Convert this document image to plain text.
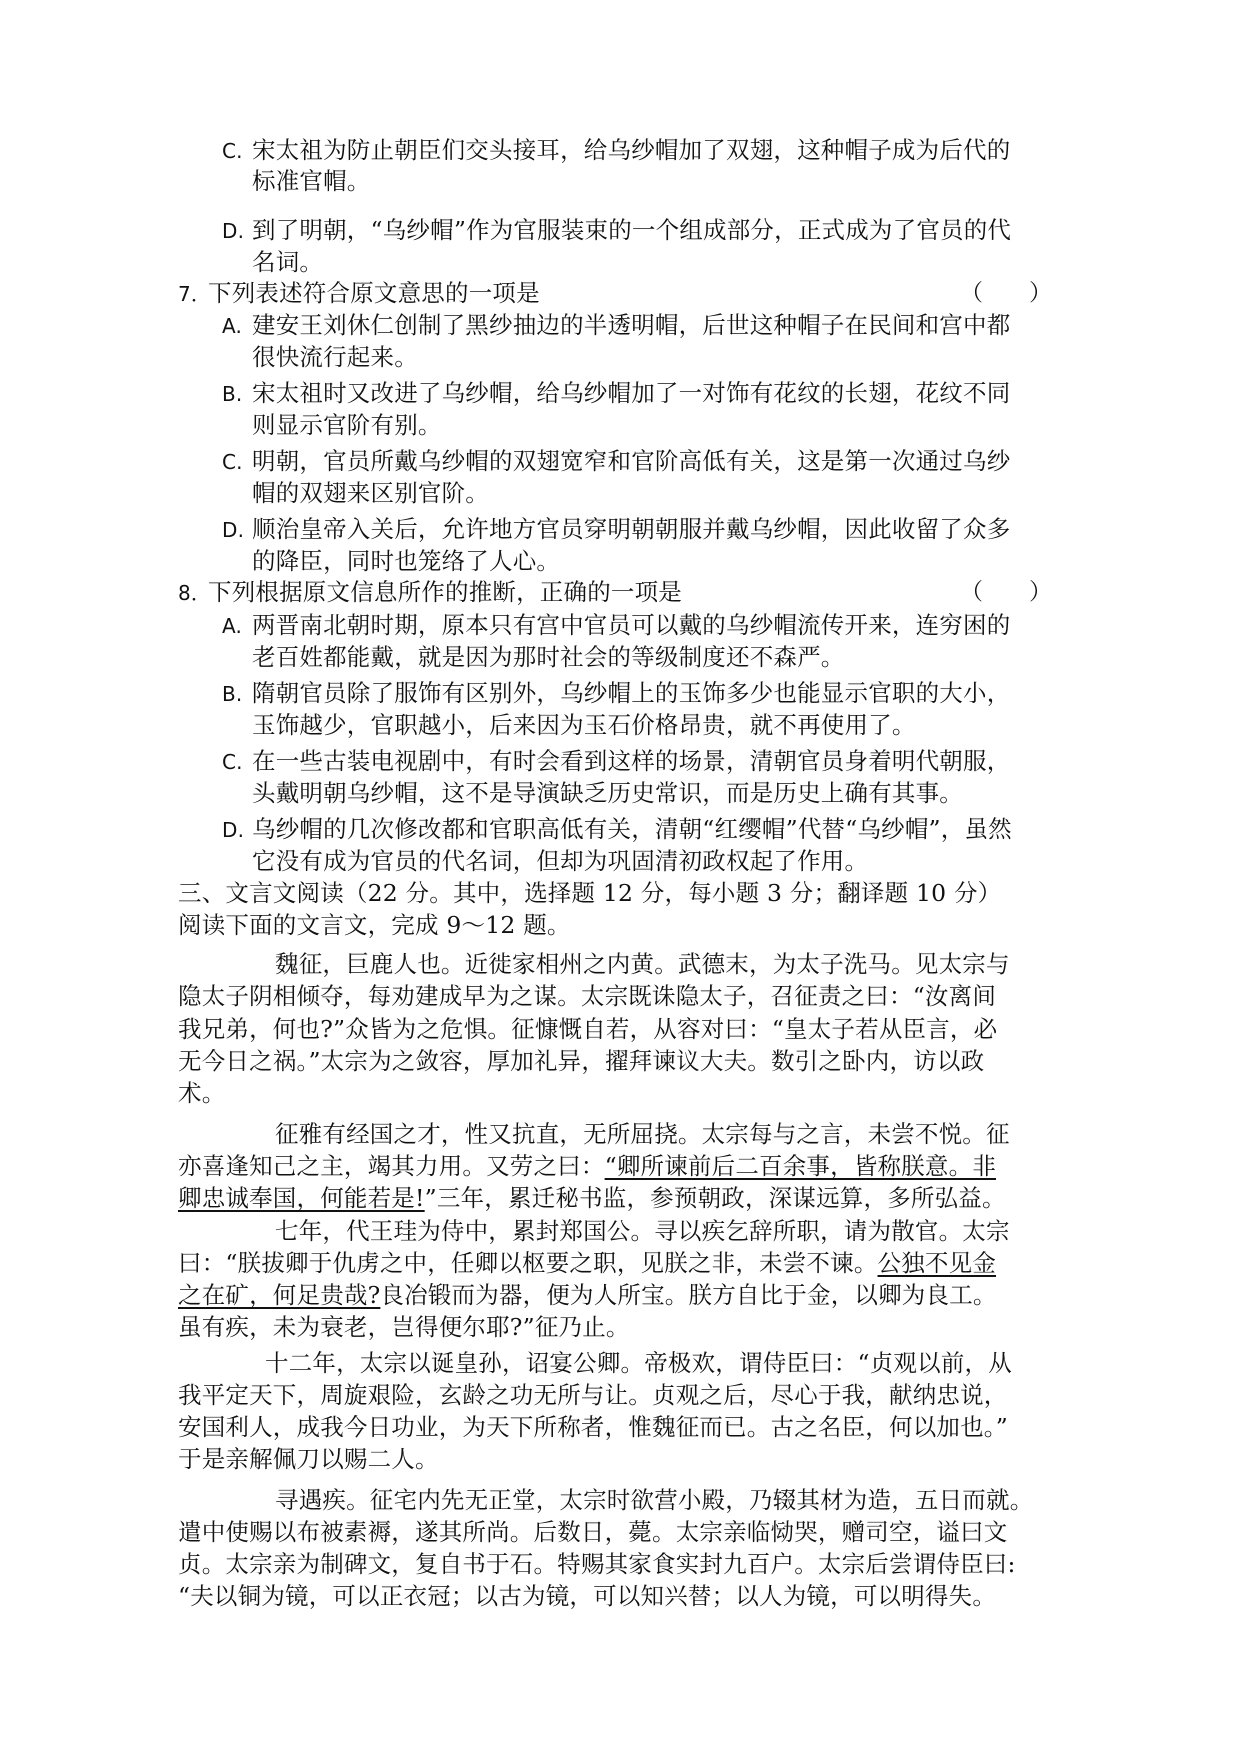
C. 宋太祖为防止朝臣们交头接耳，给乌纱帽加了双翅，这种帽子成为后代的
标准官帽。
D. 到了明朝，“乌纱帽”作为官服装束的一个组成部分，正式成为了官员的代
名词。
7．下列表述符合原文意思的一项是	（　　）
A. 建安王刘休仁创制了黑纱抽边的半透明帽，后世这种帽子在民间和宫中都
很快流行起来。
B. 宋太祖时又改进了乌纱帽，给乌纱帽加了一对饰有花纹的长翅，花纹不同
则显示官阶有别。
C. 明朝，官员所戴乌纱帽的双翅宽窄和官阶高低有关，这是第一次通过乌纱
帽的双翅来区别官阶。
D. 顺治皇帝入关后，允许地方官员穿明朝朝服并戴乌纱帽，因此收留了众多
的降臣，同时也笼络了人心。
8．下列根据原文信息所作的推断，正确的一项是	（　　）
A. 两晋南北朝时期，原本只有宫中官员可以戴的乌纱帽流传开来，连穷困的
老百姓都能戴，就是因为那时社会的等级制度还不森严。
B. 隋朝官员除了服饰有区别外，乌纱帽上的玉饰多少也能显示官职的大小，
玉饰越少，官职越小，后来因为玉石价格昂贵，就不再使用了。
C. 在一些古装电视剧中，有时会看到这样的场景，清朝官员身着明代朝服，
头戴明朝乌纱帽，这不是导演缺乏历史常识，而是历史上确有其事。
D. 乌纱帽的几次修改都和官职高低有关，清朝“红缨帽”代替“乌纱帽”，虽然
它没有成为官员的代名词，但却为巩固清初政权起了作用。
三、文言文阅读（22 分。其中，选择题 12 分，每小题 3 分；翻译题 10 分）
阅读下面的文言文，完成 9～12 题。
魏征，巨鹿人也。近徙家相州之内黄。武德末，为太子洗马。见太宗与
隐太子阴相倾夺，每劝建成早为之谋。太宗既诛隐太子，召征责之曰：“汝离间
我兄弟，何也?”众皆为之危惧。征慷慨自若，从容对曰：“皇太子若从臣言，必
无今日之祸。”太宗为之敛容，厚加礼异，擢拜谏议大夫。数引之卧内，访以政
术。
征雅有经国之才，性又抗直，无所屈挠。太宗每与之言，未尝不悦。征
亦喜逢知己之主，竭其力用。又劳之曰：“卿所谏前后二百余事，皆称朕意。非
卿忠诚奉国，何能若是!”三年，累迁秘书监，参预朝政，深谋远算，多所弘益。
七年，代王珪为侍中，累封郑国公。寻以疾乞辞所职，请为散官。太宗
曰：“朕拔卿于仇虏之中，任卿以枢要之职，见朕之非，未尝不谏。公独不见金
之在矿，何足贵哉?良冶锻而为器，便为人所宝。朕方自比于金，以卿为良工。
虽有疾，未为衰老，岂得便尔耶?”征乃止。
十二年，太宗以诞皇孙，诏宴公卿。帝极欢，谓侍臣曰：“贞观以前，从
我平定天下，周旋艰险，玄龄之功无所与让。贞观之后，尽心于我，献纳忠说，
安国利人，成我今日功业，为天下所称者，惟魏征而已。古之名臣，何以加也。”
于是亲解佩刀以赐二人。
寻遇疾。征宅内先无正堂，太宗时欲营小殿，乃辍其材为造，五日而就。
遣中使赐以布被素褥，遂其所尚。后数日，薨。太宗亲临恸哭，赠司空，谥曰文
贞。太宗亲为制碑文，复自书于石。特赐其家食实封九百户。太宗后尝谓侍臣曰:
“夫以铜为镜，可以正衣冠；以古为镜，可以知兴替；以人为镜，可以明得失。
